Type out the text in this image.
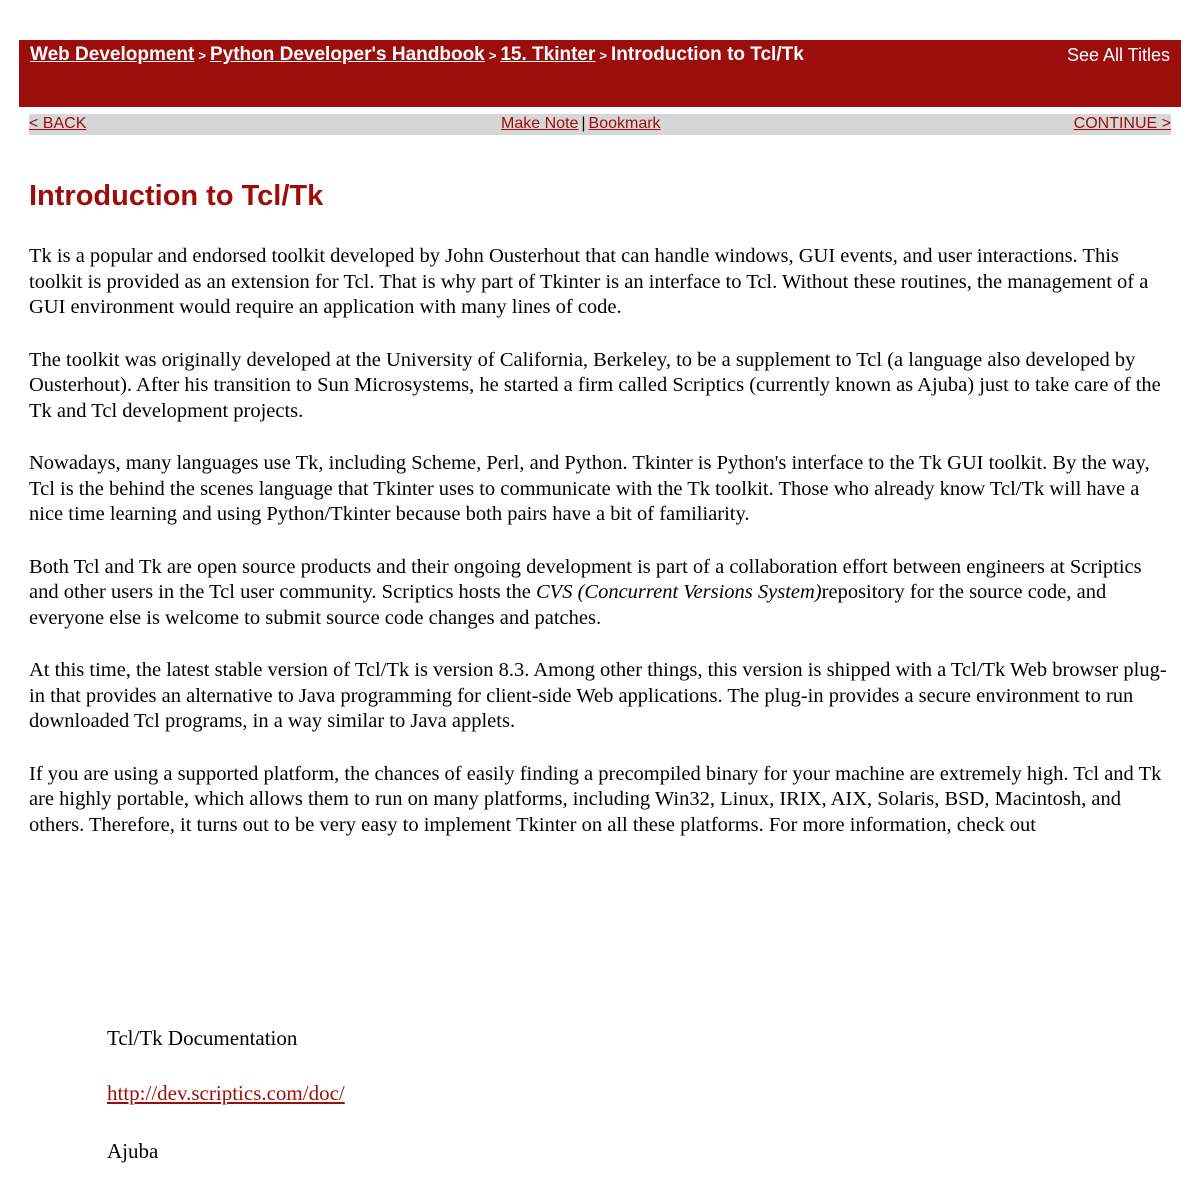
Web Development > Python Developer's Handbook > 15. Tkinter > Introduction to Tcl/Tk	See All Titles
< BACK	Make Note | Bookmark	CONTINUE >
Introduction to Tcl/Tk

Tk is a popular and endorsed toolkit developed by John Ousterhout that can handle windows, GUI events, and user interactions. This toolkit is provided as an extension for Tcl. That is why part of Tkinter is an interface to Tcl. Without these routines, the management of a GUI environment would require an application with many lines of code.

The toolkit was originally developed at the University of California, Berkeley, to be a supplement to Tcl (a language also developed by Ousterhout). After his transition to Sun Microsystems, he started a firm called Scriptics (currently known as Ajuba) just to take care of the Tk and Tcl development projects.

Nowadays, many languages use Tk, including Scheme, Perl, and Python. Tkinter is Python's interface to the Tk GUI toolkit. By the way, Tcl is the behind the scenes language that Tkinter uses to communicate with the Tk toolkit. Those who already know Tcl/Tk will have a nice time learning and using Python/Tkinter because both pairs have a bit of familiarity.

Both Tcl and Tk are open source products and their ongoing development is part of a collaboration effort between engineers at Scriptics and other users in the Tcl user community. Scriptics hosts the CVS (Concurrent Versions System)repository for the source code, and everyone else is welcome to submit source code changes and patches.

At this time, the latest stable version of Tcl/Tk is version 8.3. Among other things, this version is shipped with a Tcl/Tk Web browser plug-in that provides an alternative to Java programming for client-side Web applications. The plug-in provides a secure environment to run downloaded Tcl programs, in a way similar to Java applets.

If you are using a supported platform, the chances of easily finding a precompiled binary for your machine are extremely high. Tcl and Tk are highly portable, which allows them to run on many platforms, including Win32, Linux, IRIX, AIX, Solaris, BSD, Macintosh, and others. Therefore, it turns out to be very easy to implement Tkinter on all these platforms. For more information, check out

Tcl/Tk Documentation
http://dev.scriptics.com/doc/
Ajuba
